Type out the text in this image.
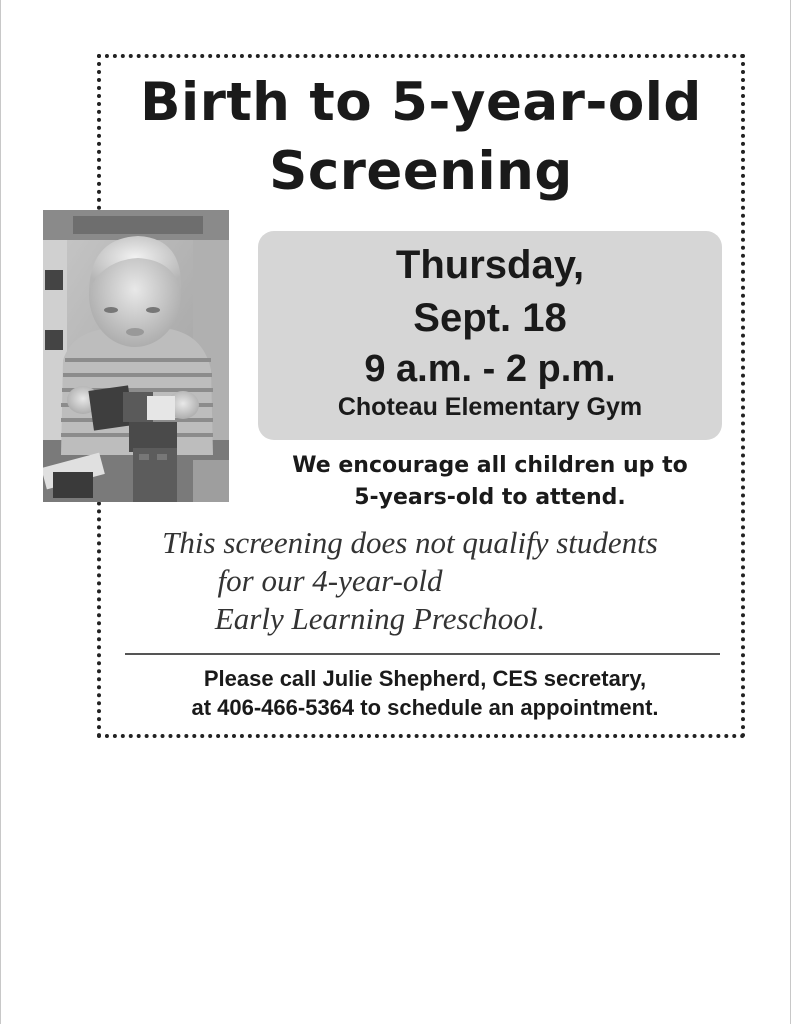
Birth to 5-year-old
Screening
Thursday,
Sept. 18
9 a.m. - 2 p.m.
Choteau Elementary Gym
We encourage all children up to
5-years-old to attend.
This screening does not qualify students
for our 4-year-old
Early Learning Preschool.
Please call Julie Shepherd, CES secretary,
at 406-466-5364 to schedule an appointment.
